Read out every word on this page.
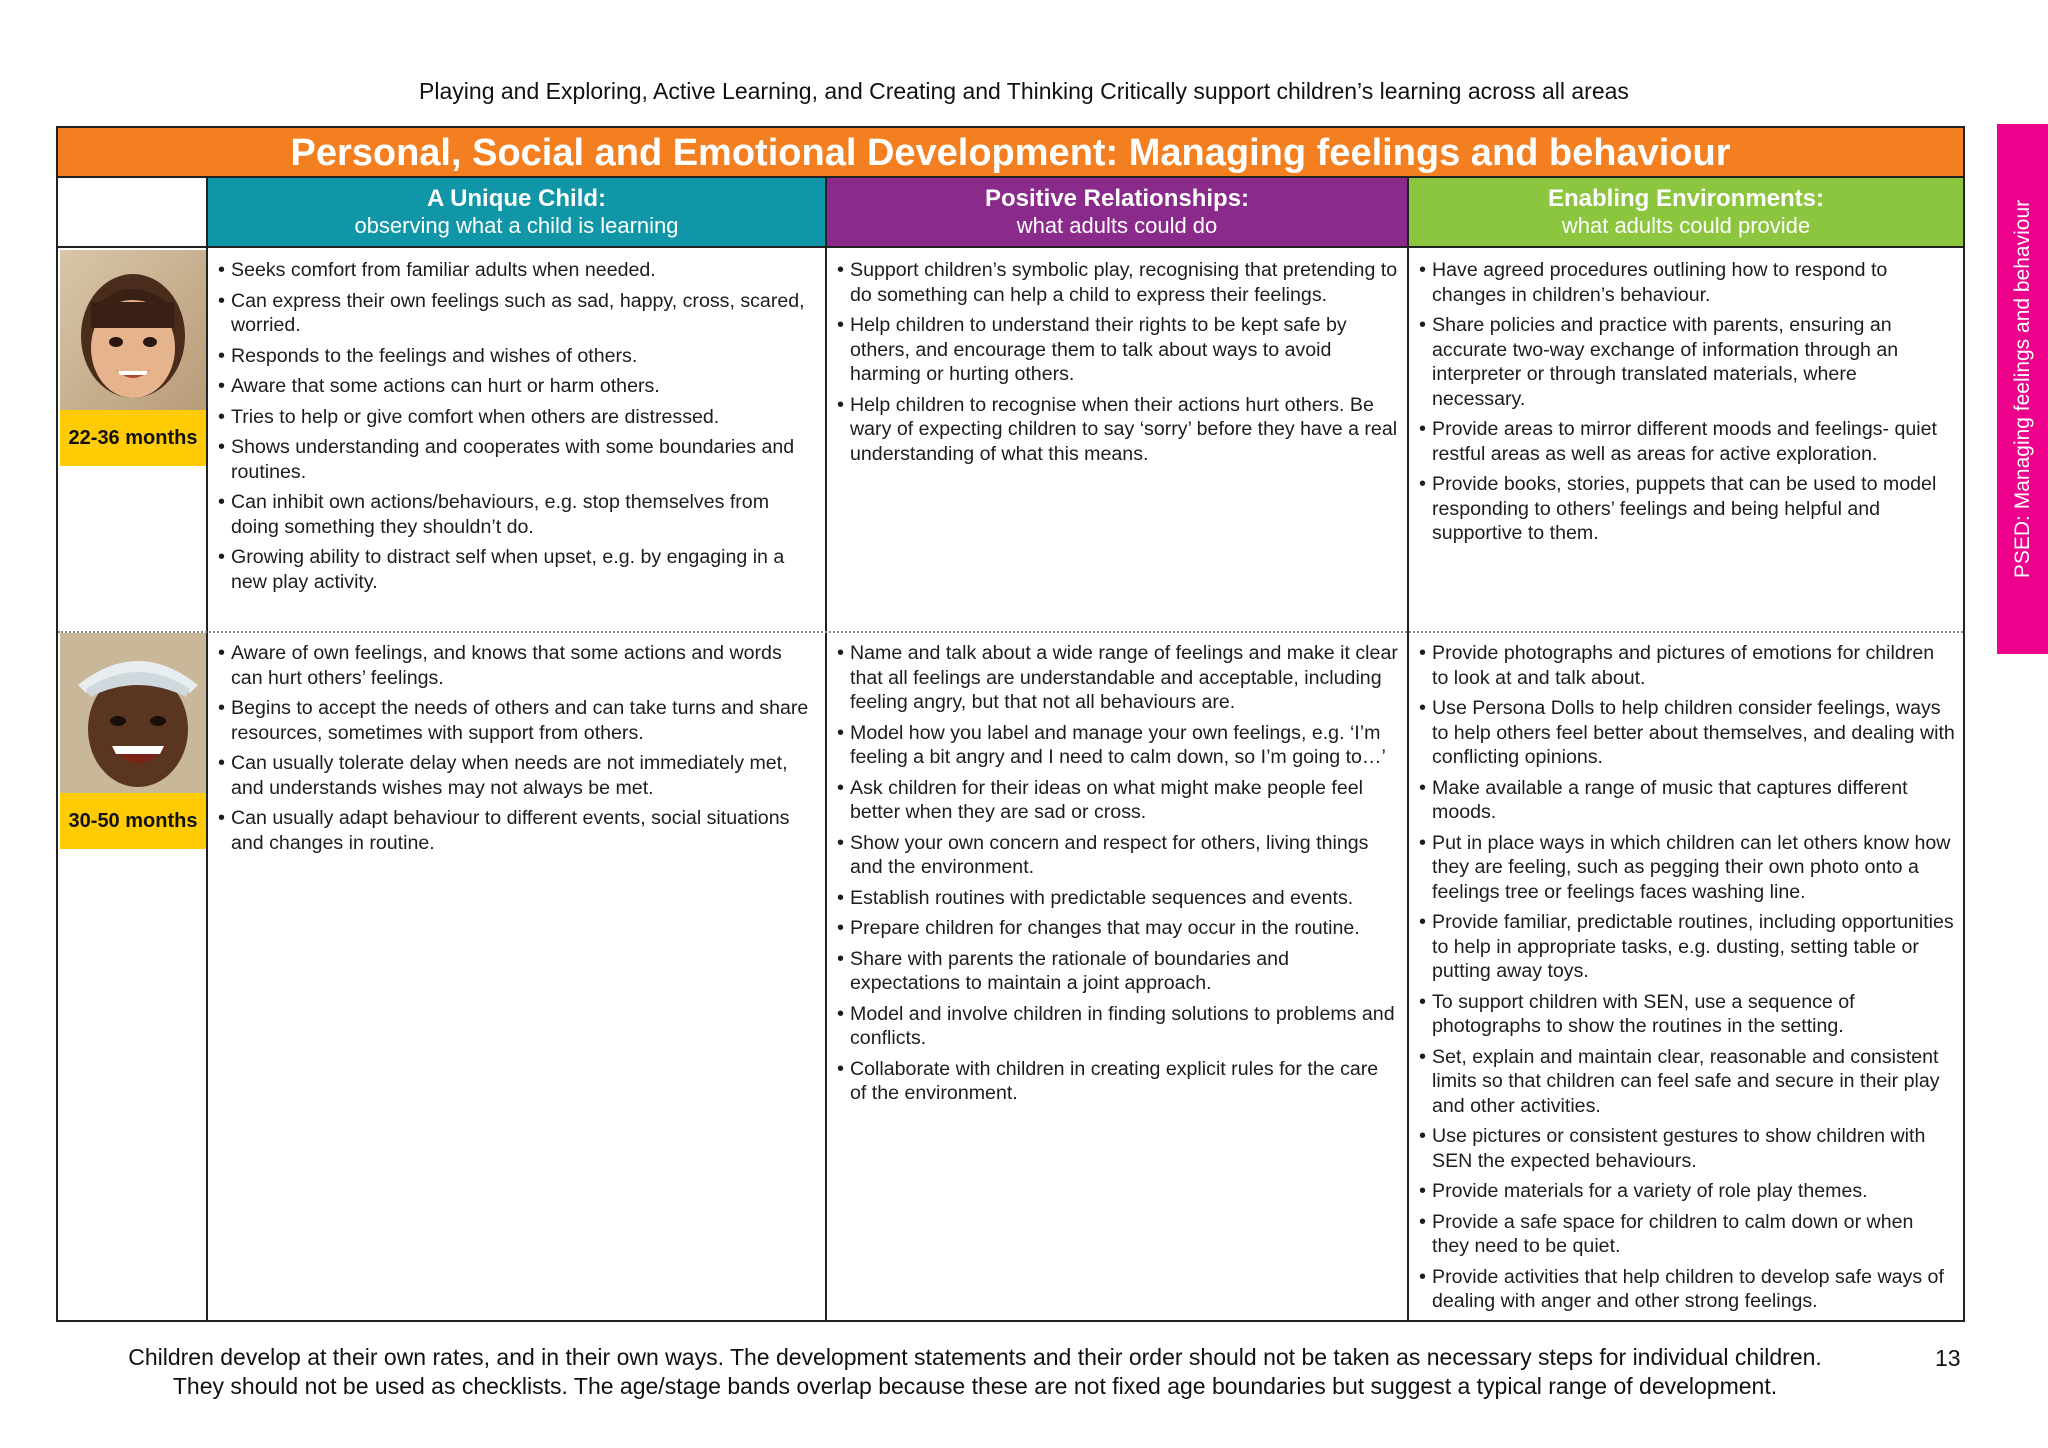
Playing and Exploring, Active Learning, and Creating and Thinking Critically support children’s learning across all areas
Personal, Social and Emotional Development: Managing feelings and behaviour
A Unique Child:
observing what a child is learning
Positive Relationships:
what adults could do
Enabling Environments:
what adults could provide
22-36 months
30-50 months
• Seeks comfort from familiar adults when needed.
• Can express their own feelings such as sad, happy, cross, scared, worried.
• Responds to the feelings and wishes of others.
• Aware that some actions can hurt or harm others.
• Tries to help or give comfort when others are distressed.
• Shows understanding and cooperates with some boundaries and routines.
• Can inhibit own actions/behaviours, e.g. stop themselves from doing something they shouldn’t do.
• Growing ability to distract self when upset, e.g. by engaging in a new play activity.
• Support children’s symbolic play, recognising that pretending to do something can help a child to express their feelings.
• Help children to understand their rights to be kept safe by others, and encourage them to talk about ways to avoid harming or hurting others.
• Help children to recognise when their actions hurt others. Be wary of expecting children to say ‘sorry’ before they have a real understanding of what this means.
• Have agreed procedures outlining how to respond to changes in children’s behaviour.
• Share policies and practice with parents, ensuring an accurate two-way exchange of information through an interpreter or through translated materials, where necessary.
• Provide areas to mirror different moods and feelings- quiet restful areas as well as areas for active exploration.
• Provide books, stories, puppets that can be used to model responding to others’ feelings and being helpful and supportive to them.
• Aware of own feelings, and knows that some actions and words can hurt others’ feelings.
• Begins to accept the needs of others and can take turns and share resources, sometimes with support from others.
• Can usually tolerate delay when needs are not immediately met, and understands wishes may not always be met.
• Can usually adapt behaviour to different events, social situations and changes in routine.
• Name and talk about a wide range of feelings and make it clear that all feelings are understandable and acceptable, including feeling angry, but that not all behaviours are.
• Model how you label and manage your own feelings, e.g. ‘I’m feeling a bit angry and I need to calm down, so I’m going to…’
• Ask children for their ideas on what might make people feel better when they are sad or cross.
• Show your own concern and respect for others, living things and the environment.
• Establish routines with predictable sequences and events.
• Prepare children for changes that may occur in the routine.
• Share with parents the rationale of boundaries and expectations to maintain a joint approach.
• Model and involve children in finding solutions to problems and conflicts.
• Collaborate with children in creating explicit rules for the care of the environment.
• Provide photographs and pictures of emotions for children to look at and talk about.
• Use Persona Dolls to help children consider feelings, ways to help others feel better about themselves, and dealing with conflicting opinions.
• Make available a range of music that captures different moods.
• Put in place ways in which children can let others know how they are feeling, such as pegging their own photo onto a feelings tree or feelings faces washing line.
• Provide familiar, predictable routines, including opportunities to help in appropriate tasks, e.g. dusting, setting table or putting away toys.
• To support children with SEN, use a sequence of photographs to show the routines in the setting.
• Set, explain and maintain clear, reasonable and consistent limits so that children can feel safe and secure in their play and other activities.
• Use pictures or consistent gestures to show children with SEN the expected behaviours.
• Provide materials for a variety of role play themes.
• Provide a safe space for children to calm down or when they need to be quiet.
• Provide activities that help children to develop safe ways of dealing with anger and other strong feelings.
PSED: Managing feelings and behaviour
Children develop at their own rates, and in their own ways. The development statements and their order should not be taken as necessary steps for individual children.
They should not be used as checklists. The age/stage bands overlap because these are not fixed age boundaries but suggest a typical range of development.
13
